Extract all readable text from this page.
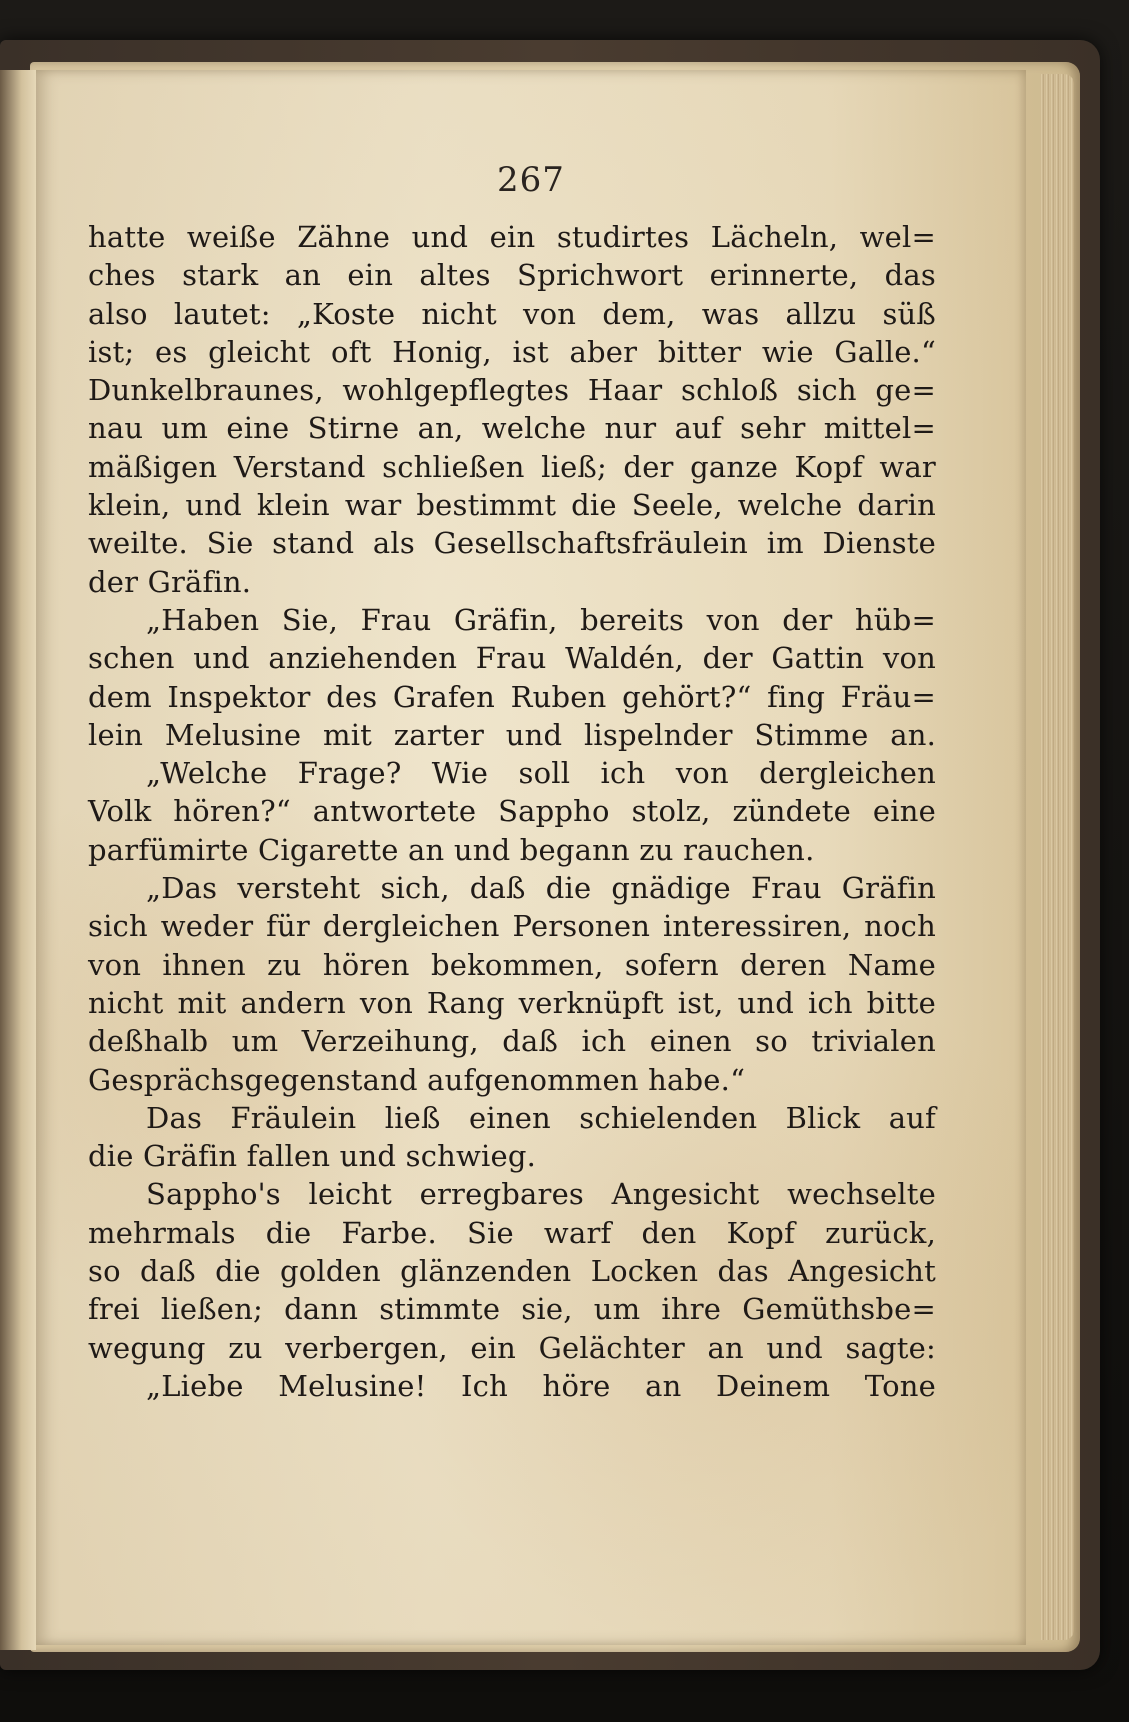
267
hatte weiße Zähne und ein studirtes Lächeln, wel=
ches stark an ein altes Sprichwort erinnerte, das
also lautet: „Koste nicht von dem, was allzu süß
ist; es gleicht oft Honig, ist aber bitter wie Galle.“
Dunkelbraunes, wohlgepflegtes Haar schloß sich ge=
nau um eine Stirne an, welche nur auf sehr mittel=
mäßigen Verstand schließen ließ; der ganze Kopf war
klein, und klein war bestimmt die Seele, welche darin
weilte. Sie stand als Gesellschaftsfräulein im Dienste
der Gräfin.
„Haben Sie, Frau Gräfin, bereits von der hüb=
schen und anziehenden Frau Waldén, der Gattin von
dem Inspektor des Grafen Ruben gehört?“ fing Fräu=
lein Melusine mit zarter und lispelnder Stimme an.
„Welche Frage? Wie soll ich von dergleichen
Volk hören?“ antwortete Sappho stolz, zündete eine
parfümirte Cigarette an und begann zu rauchen.
„Das versteht sich, daß die gnädige Frau Gräfin
sich weder für dergleichen Personen interessiren, noch
von ihnen zu hören bekommen, sofern deren Name
nicht mit andern von Rang verknüpft ist, und ich bitte
deßhalb um Verzeihung, daß ich einen so trivialen
Gesprächsgegenstand aufgenommen habe.“
Das Fräulein ließ einen schielenden Blick auf
die Gräfin fallen und schwieg.
Sappho's leicht erregbares Angesicht wechselte
mehrmals die Farbe. Sie warf den Kopf zurück,
so daß die golden glänzenden Locken das Angesicht
frei ließen; dann stimmte sie, um ihre Gemüthsbe=
wegung zu verbergen, ein Gelächter an und sagte:
„Liebe Melusine! Ich höre an Deinem Tone
